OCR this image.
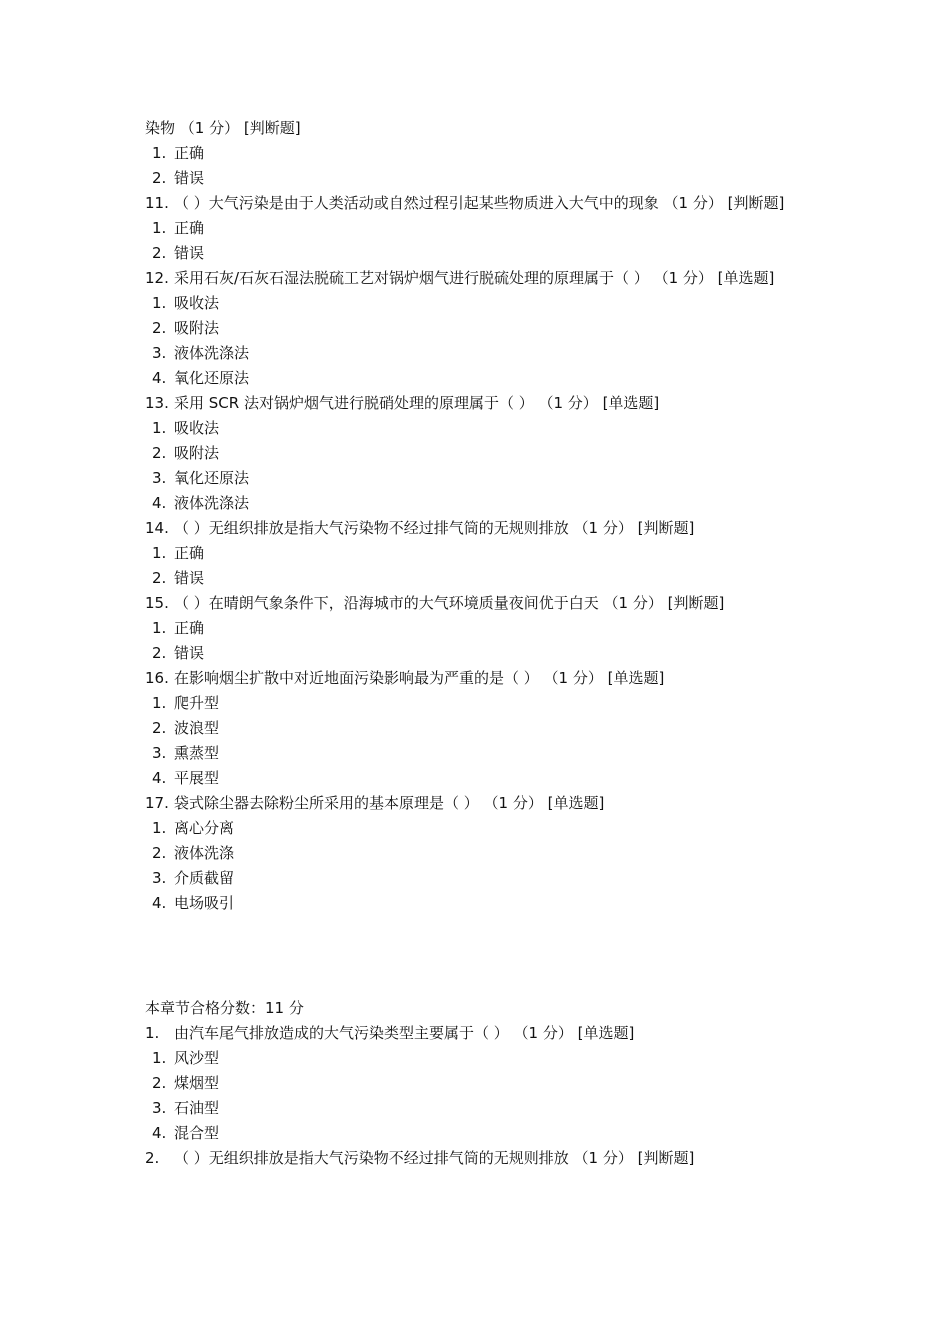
染物 （1 分） [判断题]
1. 正确
2. 错误
11. （ ）大气污染是由于人类活动或自然过程引起某些物质进入大气中的现象 （1 分） [判断题]
1. 正确
2. 错误
12. 采用石灰/石灰石湿法脱硫工艺对锅炉烟气进行脱硫处理的原理属于（ ） （1 分） [单选题]
1. 吸收法
2. 吸附法
3. 液体洗涤法
4. 氧化还原法
13. 采用 SCR 法对锅炉烟气进行脱硝处理的原理属于（ ） （1 分） [单选题]
1. 吸收法
2. 吸附法
3. 氧化还原法
4. 液体洗涤法
14. （ ）无组织排放是指大气污染物不经过排气筒的无规则排放 （1 分） [判断题]
1. 正确
2. 错误
15. （ ）在晴朗气象条件下，沿海城市的大气环境质量夜间优于白天 （1 分） [判断题]
1. 正确
2. 错误
16. 在影响烟尘扩散中对近地面污染影响最为严重的是（ ） （1 分） [单选题]
1. 爬升型
2. 波浪型
3. 熏蒸型
4. 平展型
17. 袋式除尘器去除粉尘所采用的基本原理是（ ） （1 分） [单选题]
1. 离心分离
2. 液体洗涤
3. 介质截留
4. 电场吸引
本章节合格分数：11 分
1. 由汽车尾气排放造成的大气污染类型主要属于（ ） （1 分） [单选题]
1. 风沙型
2. 煤烟型
3. 石油型
4. 混合型
2. （ ）无组织排放是指大气污染物不经过排气筒的无规则排放 （1 分） [判断题]
